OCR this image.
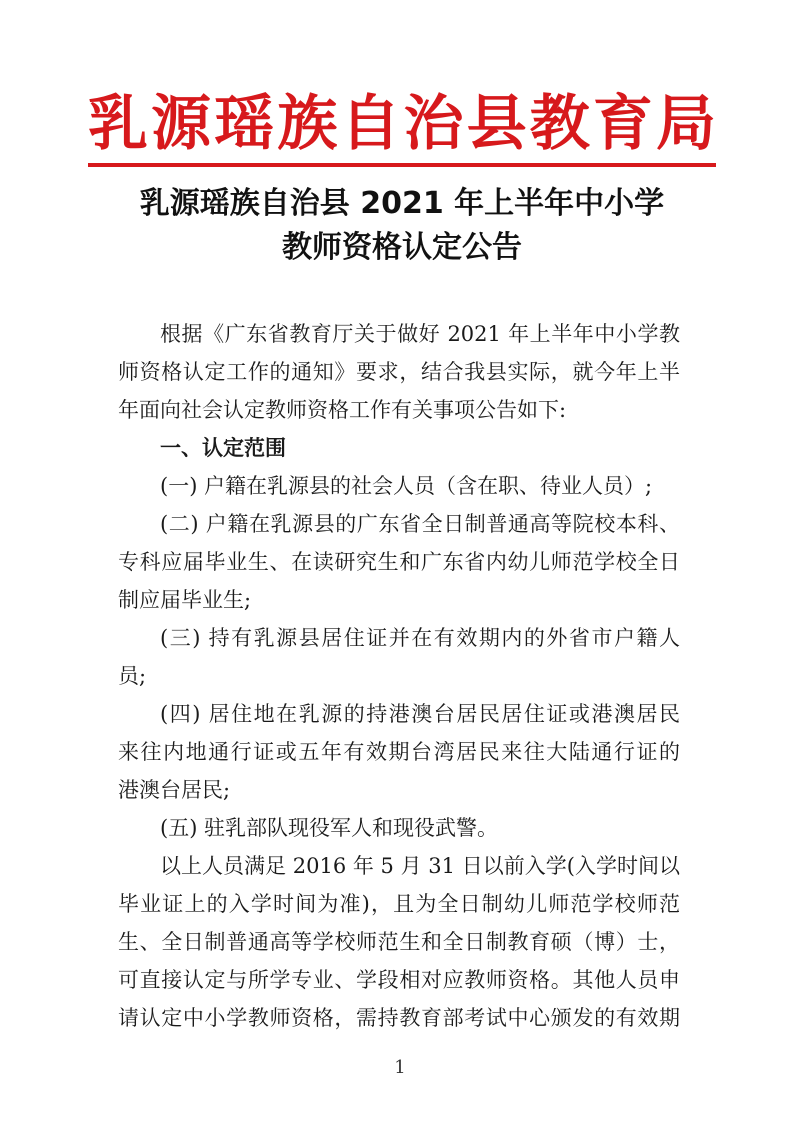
乳 源 瑶 族 自 治 县 教 育 局
乳源瑶族自治县 2021 年上半年中小学
教师资格认定公告
根据《广东省教育厅关于做好 2021 年上半年中小学教
师资格认定工作的通知》要求，结合我县实际，就今年上半
年面向社会认定教师资格工作有关事项公告如下:
一、认定范围
(一) 户籍在乳源县的社会人员（含在职、待业人员）;
(二) 户籍在乳源县的广东省全日制普通高等院校本科、
专科应届毕业生、在读研究生和广东省内幼儿师范学校全日
制应届毕业生;
(三) 持有乳源县居住证并在有效期内的外省市户籍人
员;
(四) 居住地在乳源的持港澳台居民居住证或港澳居民
来往内地通行证或五年有效期台湾居民来往大陆通行证的
港澳台居民;
(五) 驻乳部队现役军人和现役武警。
以上人员满足 2016 年 5 月 31 日以前入学(入学时间以
毕业证上的入学时间为准)，且为全日制幼儿师范学校师范
生、全日制普通高等学校师范生和全日制教育硕（博）士，
可直接认定与所学专业、学段相对应教师资格。其他人员申
请认定中小学教师资格，需持教育部考试中心颁发的有效期
1
